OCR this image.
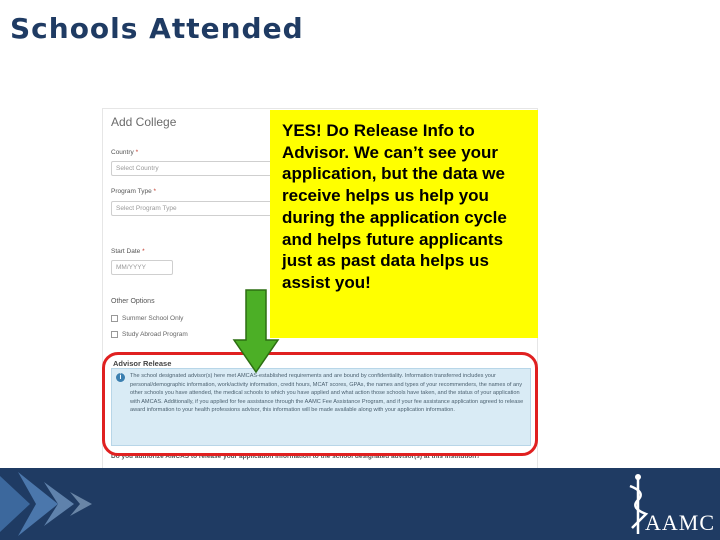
Schools Attended
Add College
Country *
Select Country
Program Type *
Select Program Type
Start Date *
MM/YYYY
Other Options
Summer School Only
Study Abroad Program
Advisor Release
i	The school designated advisor(s) here met AMCAS-established requirements and are bound by confidentiality. Information transferred includes your personal/demographic information, work/activity information, credit hours, MCAT scores, GPAs, the names and types of your recommenders, the names of any other schools you have attended, the medical schools to which you have applied and what action those schools have taken, and the status of your application with AMCAS. Additionally, if you applied for fee assistance through the AAMC Fee Assistance Program, and if your fee assistance application agreed to release award information to your health professions advisor, this information will be made available along with your application information.
Do you authorize AMCAS to release your application information to the school designated advisor(s) at this institution? *
YES! Do Release Info to Advisor. We can’t see your application, but the data we receive helps us help you during the application cycle and helps future applicants just as past data helps us assist you!
AAMC
